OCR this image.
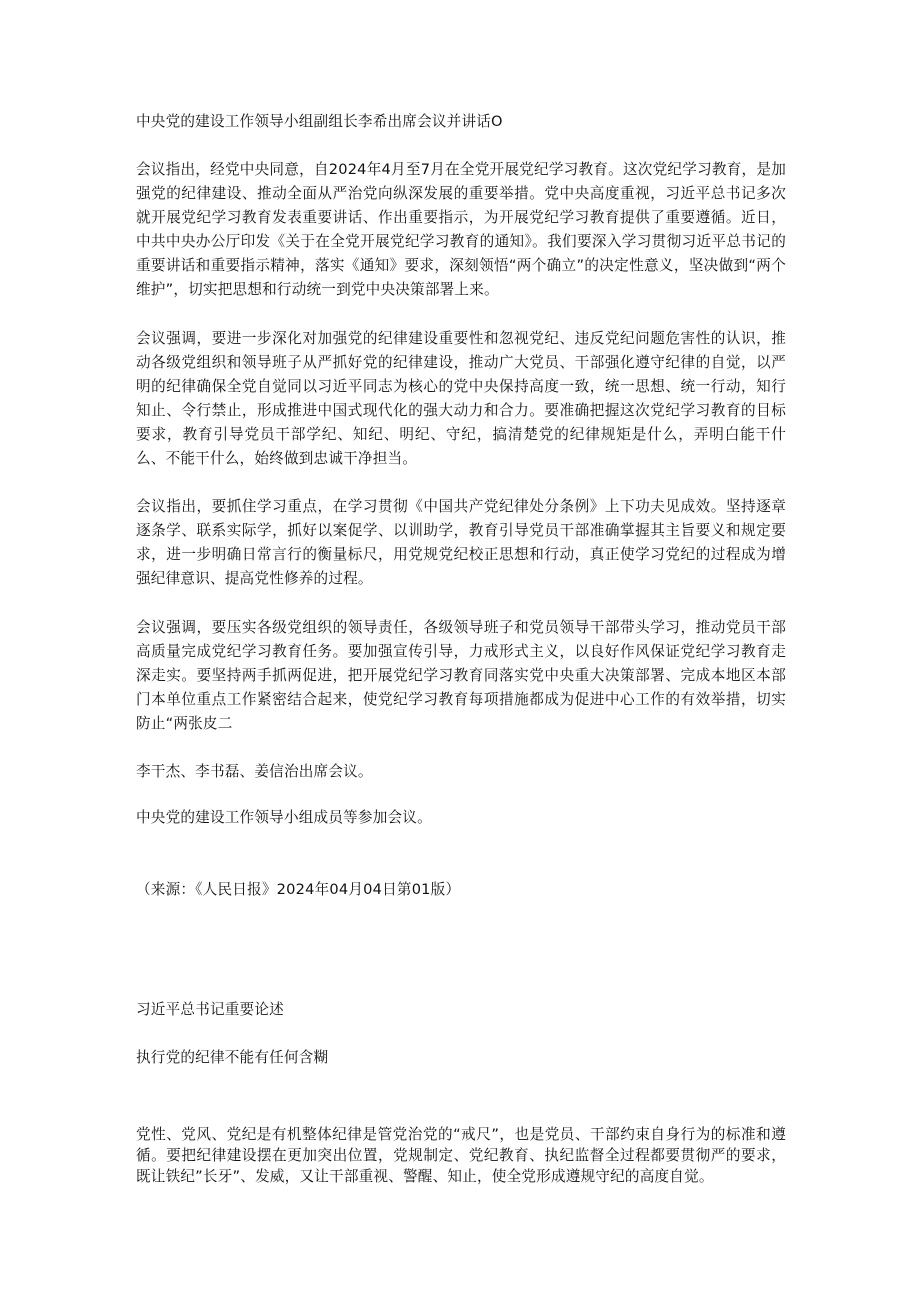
中央党的建设工作领导小组副组长李希出席会议并讲话O

会议指出，经党中央同意，自2024年4月至7月在全党开展党纪学习教育。这次党纪学习教育，是加强党的纪律建设、推动全面从严治党向纵深发展的重要举措。党中央高度重视，习近平总书记多次就开展党纪学习教育发表重要讲话、作出重要指示，为开展党纪学习教育提供了重要遵循。近日，中共中央办公厅印发《关于在全党开展党纪学习教育的通知》。我们要深入学习贯彻习近平总书记的重要讲话和重要指示精神，落实《通知》要求，深刻领悟“两个确立”的决定性意义，坚决做到“两个维护”，切实把思想和行动统一到党中央决策部署上来。

会议强调，要进一步深化对加强党的纪律建设重要性和忽视党纪、违反党纪问题危害性的认识，推动各级党组织和领导班子从严抓好党的纪律建设，推动广大党员、干部强化遵守纪律的自觉，以严明的纪律确保全党自觉同以习近平同志为核心的党中央保持高度一致，统一思想、统一行动，知行知止、令行禁止，形成推进中国式现代化的强大动力和合力。要准确把握这次党纪学习教育的目标要求，教育引导党员干部学纪、知纪、明纪、守纪，搞清楚党的纪律规矩是什么，弄明白能干什么、不能干什么，始终做到忠诚干净担当。

会议指出，要抓住学习重点，在学习贯彻《中国共产党纪律处分条例》上下功夫见成效。坚持逐章逐条学、联系实际学，抓好以案促学、以训助学，教育引导党员干部准确掌握其主旨要义和规定要求，进一步明确日常言行的衡量标尺，用党规党纪校正思想和行动，真正使学习党纪的过程成为增强纪律意识、提高党性修养的过程。

会议强调，要压实各级党组织的领导责任，各级领导班子和党员领导干部带头学习，推动党员干部高质量完成党纪学习教育任务。要加强宣传引导，力戒形式主义，以良好作风保证党纪学习教育走深走实。要坚持两手抓两促进，把开展党纪学习教育同落实党中央重大决策部署、完成本地区本部门本单位重点工作紧密结合起来，使党纪学习教育每项措施都成为促进中心工作的有效举措，切实防止“两张皮二

李干杰、李书磊、姜信治出席会议。

中央党的建设工作领导小组成员等参加会议。

（来源：《人民日报》2024年04月04日第01版）

习近平总书记重要论述

执行党的纪律不能有任何含糊

党性、党风、党纪是有机整体纪律是管党治党的“戒尺”，也是党员、干部约束自身行为的标准和遵循。要把纪律建设摆在更加突出位置，党规制定、党纪教育、执纪监督全过程都要贯彻严的要求，既让铁纪”长牙”、发威，又让干部重视、警醒、知止，使全党形成遵规守纪的高度自觉。
